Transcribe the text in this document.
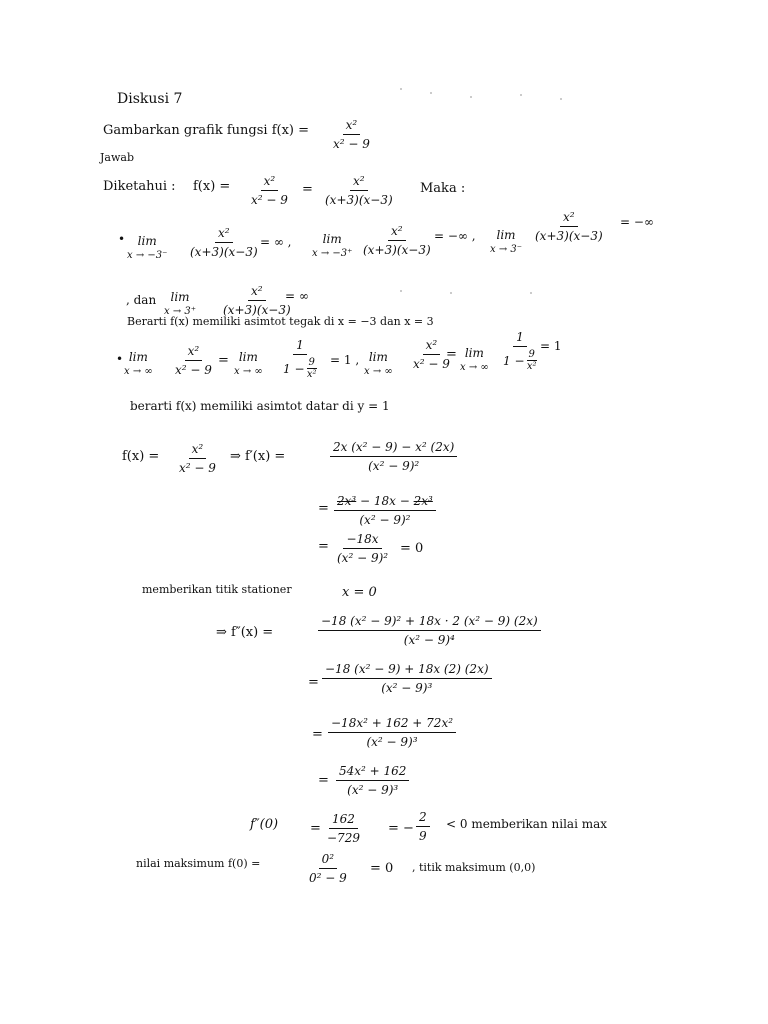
Diskusi 7
Gambarkan grafik fungsi $f(x) = \frac{\text{x²}}{\text{x² − 9}}$
Jawab
Diketahui : $f(x) = \frac{\text{x²}}{\text{x² − 9}} = \frac{\text{x²}}{(x+3)(x-3)}$ Maka :
• lim
$x \to -3^- \frac{\text{x²}}{(x+3)(x-3)}$ = ∞ ,	lim
$x \to -3^+ \frac{\text{x²}}{(x+3)(x-3)}$ = −∞ , lim
x → 3⁻
$\frac{\text{x²}}{(x+3)(x-3)}$ = −∞
, dan lim
$x \to 3^+ \frac{\text{x²}}{(x+3)(x-3)}$
= ∞
Berarti f(x) memiliki asimtot tegak di x = −3 dan x = 3
• lim
x → ∞ $\frac{\text{x²}}{\text{x² − 9}} = \lim$
x → ∞ $\frac{1}{1 - \frac{9}{\text{x²}}} = 1$ , lim
x → ∞
$\frac{\text{x²}}{\text{x² − 9}}$
= lim
x → ∞ $\frac{1}{1 - \frac{9}{\text{x²}}} = 1$
berarti f(x) memiliki asimtot datar di y = 1
$f(x) = \frac{\text{x²}}{\text{x² − 9}}$ ⇒ f′(x) =	$\frac{\text{2x (x² − 9) − x² (2x)}}{\text{(x² − 9)²}}$
= $\frac{\text{2x³ − 18x − 2x³}}{\text{(x² − 9)²}}$
= $\frac{-18x}{\text{(x² − 9)²}} = 0$
memberikan titik stationer	x = 0
⇒ f″(x) =	$\frac{\text{−18 (x² − 9)² + 18x · 2 (x² − 9) (2x)}}{\text{(x² − 9)⁴}}$
= $\frac{\text{−18 (x² − 9) + 18x (2) (2x)}}{\text{(x² − 9)³}}$
= $\frac{\text{−18x² + 162 + 72x²}}{\text{(x² − 9)³}}$
= $\frac{\text{54x² + 162}}{\text{(x² − 9)³}}$
$f''(0) = \frac{162}{-729}$ = − $\frac{2}{9} < 0$ memberikan nilai max
nilai maksimum f(0) =	$\frac{\text{0²}}{\text{0² − 9}} = 0$ , titik maksimum (0,0)
